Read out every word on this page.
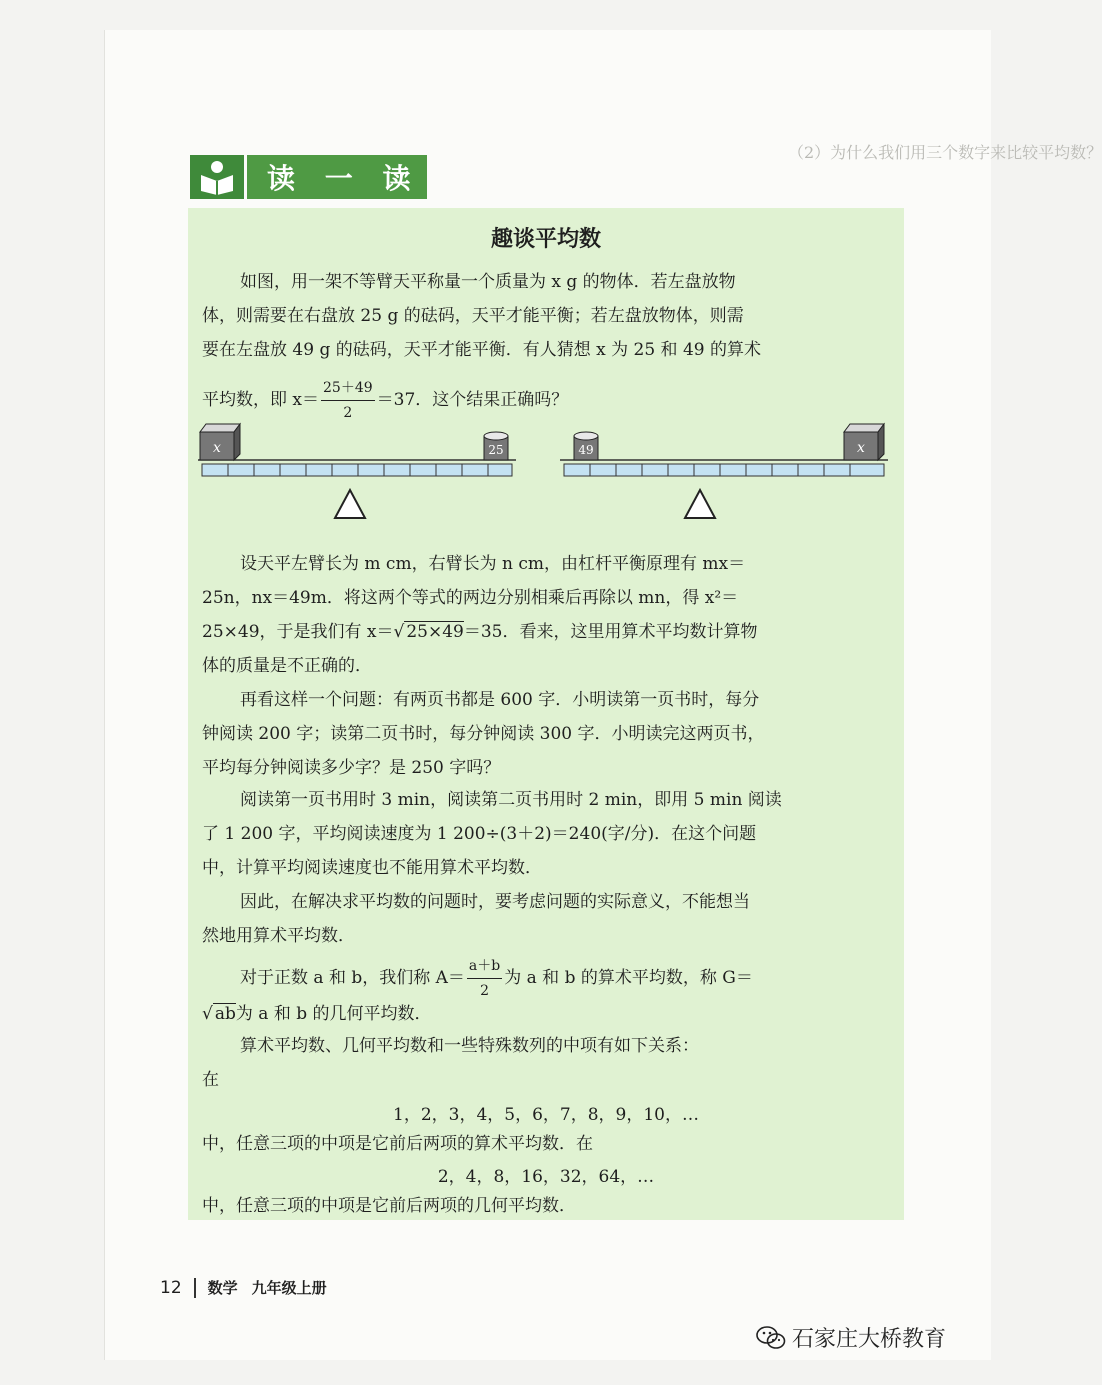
（2）为什么我们用三个数字来比较平均数？
读 一 读
趣谈平均数
如图，用一架不等臂天平称量一个质量为 x g 的物体．若左盘放物
体，则需要在右盘放 25 g 的砝码，天平才能平衡；若左盘放物体，则需
要在左盘放 49 g 的砝码，天平才能平衡．有人猜想 x 为 25 和 49 的算术
平均数，即 $x= \frac{25+49}{2} =37$．这个结果正确吗？
x	25	49	x
设天平左臂长为 m cm，右臂长为 n cm，由杠杆平衡原理有 mx＝
25n，nx＝49m．将这两个等式的两边分别相乘后再除以 mn，得 x²＝
25×49，于是我们有 x＝√ 25×49＝35．看来，这里用算术平均数计算物
体的质量是不正确的．
再看这样一个问题：有两页书都是 600 字．小明读第一页书时，每分
钟阅读 200 字；读第二页书时，每分钟阅读 300 字．小明读完这两页书，
平均每分钟阅读多少字？是 250 字吗？
阅读第一页书用时 3 min，阅读第二页书用时 2 min，即用 5 min 阅读
了 1 200 字，平均阅读速度为 1 200÷(3＋2)＝240(字/分)．在这个问题
中，计算平均阅读速度也不能用算术平均数．
因此，在解决求平均数的问题时，要考虑问题的实际意义，不能想当
然地用算术平均数．
对于正数 a 和 b，我们称 $A= \frac{a+b}{2}$ 为 a 和 b 的算术平均数，称 G＝
√ ab为 a 和 b 的几何平均数．
算术平均数、几何平均数和一些特殊数列的中项有如下关系：
在
1，2，3，4，5，6，7，8，9，10，…
中，任意三项的中项是它前后两项的算术平均数．在
2，4，8，16，32，64，…
中，任意三项的中项是它前后两项的几何平均数．
12 数学 九年级上册
石家庄大桥教育
